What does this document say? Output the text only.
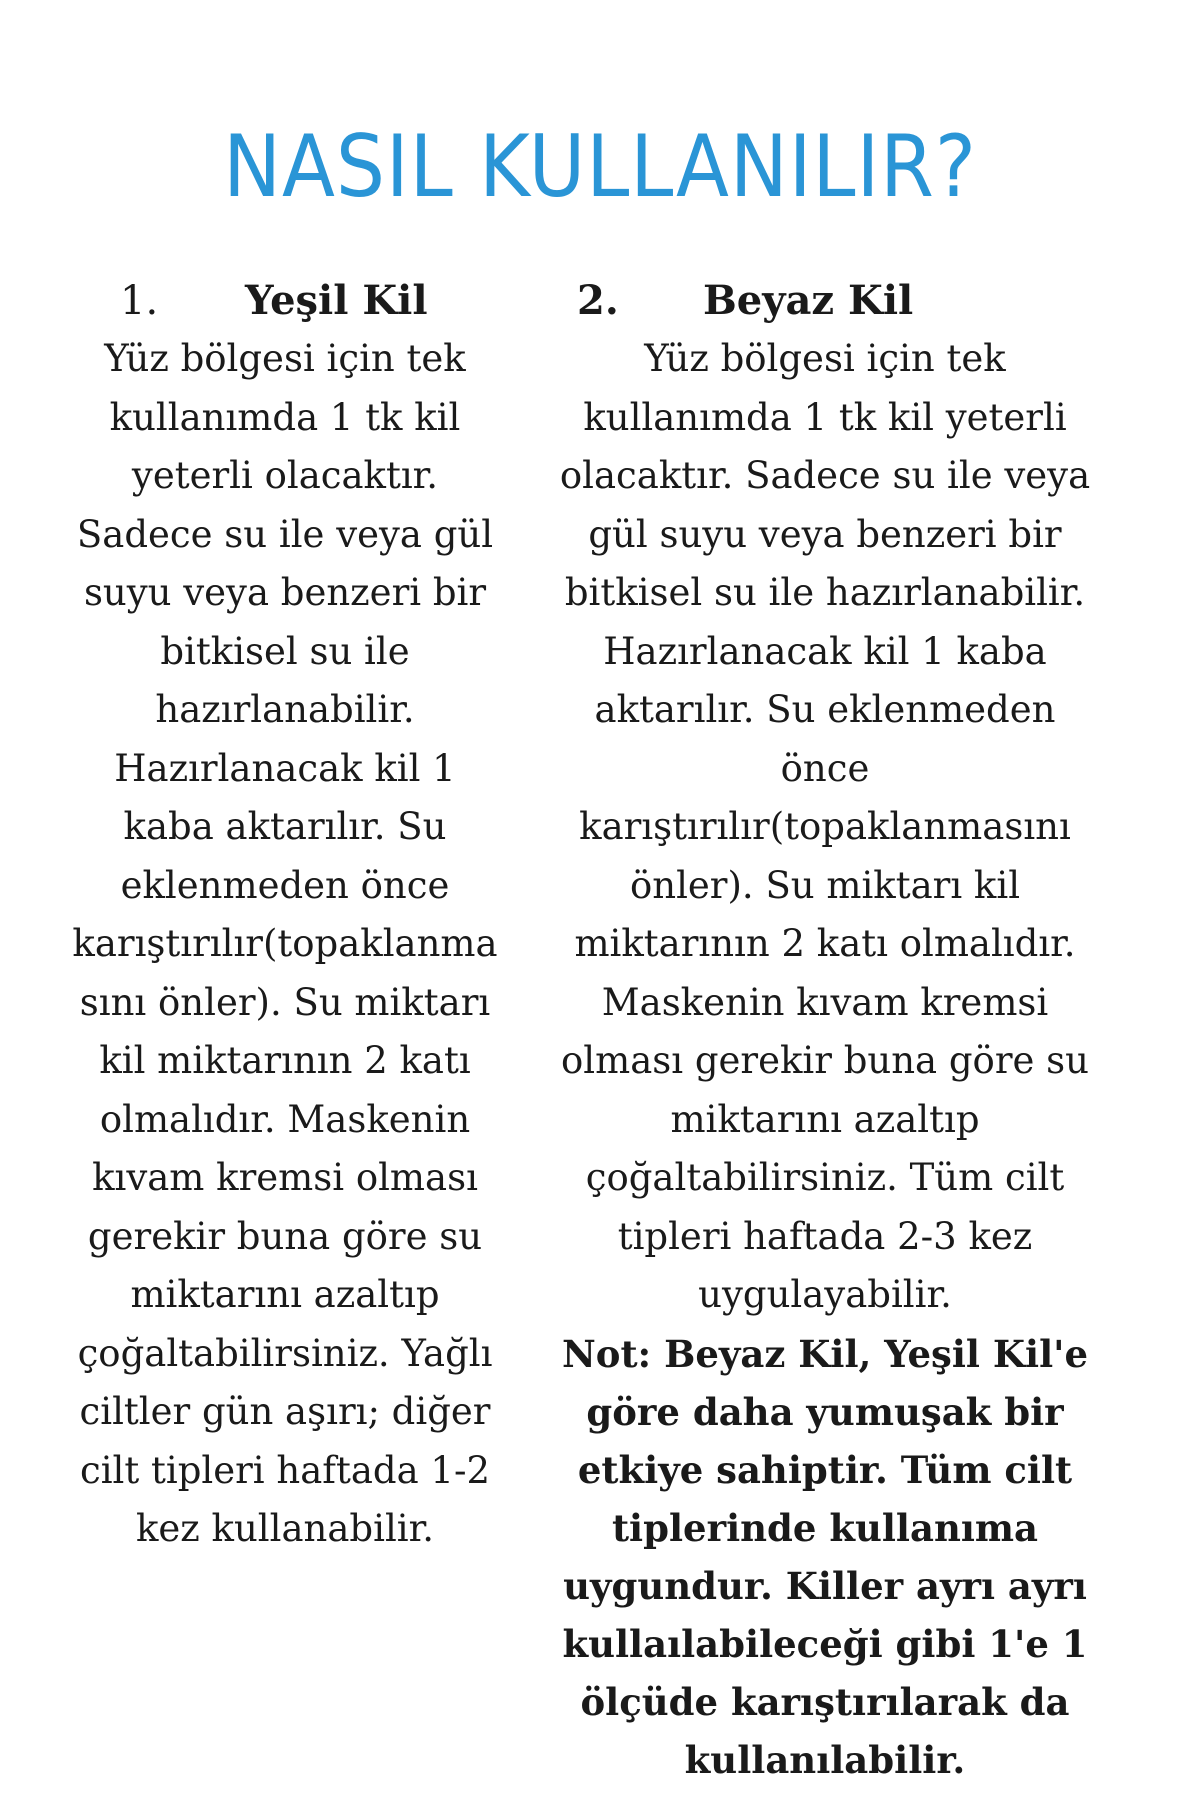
NASIL KULLANILIR?
1. Yeşil Kil

Yüz bölgesi için tek kullanımda 1 tk kil yeterli olacaktır. Sadece su ile veya gül suyu veya benzeri bir bitkisel su ile hazırlanabilir. Hazırlanacak kil 1 kaba aktarılır. Su eklenmeden önce karıştırılır(topaklanmasını önler). Su miktarı kil miktarının 2 katı olmalıdır. Maskenin kıvam kremsi olması gerekir buna göre su miktarını azaltıp çoğaltabilirsiniz. Yağlı ciltler gün aşırı; diğer cilt tipleri haftada 1-2 kez kullanabilir.

2. Beyaz Kil

Yüz bölgesi için tek kullanımda 1 tk kil yeterli olacaktır. Sadece su ile veya gül suyu veya benzeri bir bitkisel su ile hazırlanabilir. Hazırlanacak kil 1 kaba aktarılır. Su eklenmeden önce karıştırılır(topaklanmasını önler). Su miktarı kil miktarının 2 katı olmalıdır. Maskenin kıvam kremsi olması gerekir buna göre su miktarını azaltıp çoğaltabilirsiniz. Tüm cilt tipleri haftada 2-3 kez uygulayabilir.

Not: Beyaz Kil, Yeşil Kil'e göre daha yumuşak bir etkiye sahiptir. Tüm cilt tiplerinde kullanıma uygundur. Killer ayrı ayrı kullaılabileceği gibi 1'e 1 ölçüde karıştırılarak da kullanılabilir.
